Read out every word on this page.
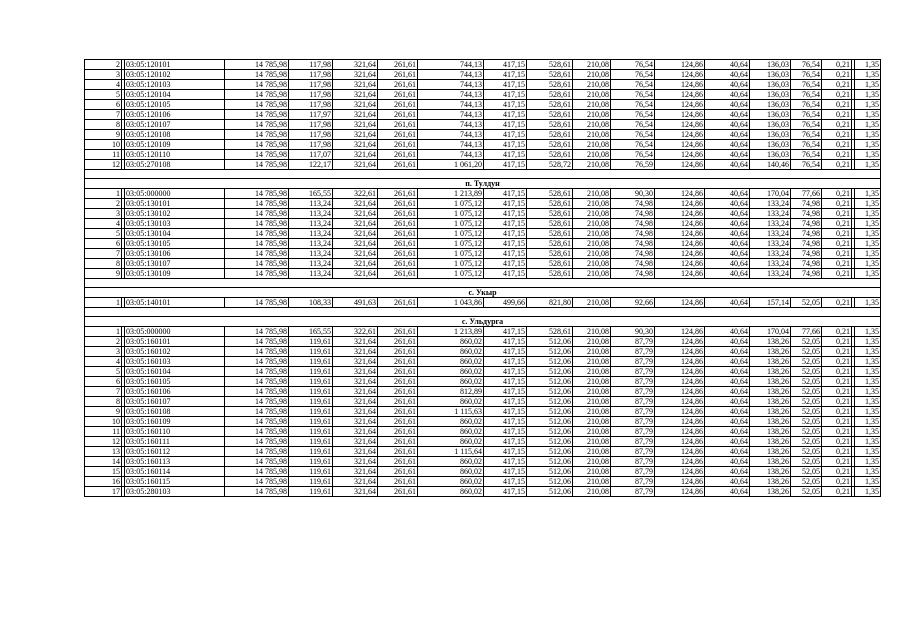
2		03:05:120101	14 785,98	117,98	321,64	261,61	744,13	417,15	528,61	210,08	76,54	124,86	40,64	136,03	76,54	0,21		1,35
3		03:05:120102	14 785,98	117,98	321,64	261,61	744,13	417,15	528,61	210,08	76,54	124,86	40,64	136,03	76,54	0,21		1,35
4		03:05:120103	14 785,98	117,98	321,64	261,61	744,13	417,15	528,61	210,08	76,54	124,86	40,64	136,03	76,54	0,21		1,35
5		03:05:120104	14 785,98	117,98	321,64	261,61	744,13	417,15	528,61	210,08	76,54	124,86	40,64	136,03	76,54	0,21		1,35
6		03:05:120105	14 785,98	117,98	321,64	261,61	744,13	417,15	528,61	210,08	76,54	124,86	40,64	136,03	76,54	0,21		1,35
7		03:05:120106	14 785,98	117,97	321,64	261,61	744,13	417,15	528,61	210,08	76,54	124,86	40,64	136,03	76,54	0,21		1,35
8		03:05:120107	14 785,98	117,98	321,64	261,61	744,13	417,15	528,61	210,08	76,54	124,86	40,64	136,03	76,54	0,21		1,35
9		03:05:120108	14 785,98	117,98	321,64	261,61	744,13	417,15	528,61	210,08	76,54	124,86	40,64	136,03	76,54	0,21		1,35
10		03:05:120109	14 785,98	117,98	321,64	261,61	744,13	417,15	528,61	210,08	76,54	124,86	40,64	136,03	76,54	0,21		1,35
11		03:05:120110	14 785,98	117,07	321,64	261,61	744,13	417,15	528,61	210,08	76,54	124,86	40,64	136,03	76,54	0,21		1,35
12		03:05:270108	14 785,98	122,17	321,64	261,61	1 061,20	417,15	528,72	210,08	76,59	124,86	40,64	140,46	76,54	0,21		1,35

п. Тулдун																		
1		03:05:000000	14 785,98	165,55	322,61	261,61	1 213,89	417,15	528,61	210,08	90,30	124,86	40,64	170,04	77,66	0,21		1,35
2		03:05:130101	14 785,98	113,24	321,64	261,61	1 075,12	417,15	528,61	210,08	74,98	124,86	40,64	133,24	74,98	0,21		1,35
3		03:05:130102	14 785,98	113,24	321,64	261,61	1 075,12	417,15	528,61	210,08	74,98	124,86	40,64	133,24	74,98	0,21		1,35
4		03:05:130103	14 785,98	113,24	321,64	261,61	1 075,12	417,15	528,61	210,08	74,98	124,86	40,64	133,24	74,98	0,21		1,35
5		03:05:130104	14 785,98	113,24	321,64	261,61	1 075,12	417,15	528,61	210,08	74,98	124,86	40,64	133,24	74,98	0,21		1,35
6		03:05:130105	14 785,98	113,24	321,64	261,61	1 075,12	417,15	528,61	210,08	74,98	124,86	40,64	133,24	74,98	0,21		1,35
7		03:05:130106	14 785,98	113,24	321,64	261,61	1 075,12	417,15	528,61	210,08	74,98	124,86	40,64	133,24	74,98	0,21		1,35
8		03:05:130107	14 785,98	113,24	321,64	261,61	1 075,12	417,15	528,61	210,08	74,98	124,86	40,64	133,24	74,98	0,21		1,35
9		03:05:130109	14 785,98	113,24	321,64	261,61	1 075,12	417,15	528,61	210,08	74,98	124,86	40,64	133,24	74,98	0,21		1,35

с. Укыр																		
1		03:05:140101	14 785,98	108,33	491,63	261,61	1 043,86	499,66	821,80	210,08	92,66	124,86	40,64	157,14	52,05	0,21		1,35

с. Ульдурга																		
1		03:05:000000	14 785,98	165,55	322,61	261,61	1 213,89	417,15	528,61	210,08	90,30	124,86	40,64	170,04	77,66	0,21		1,35
2		03:05:160101	14 785,98	119,61	321,64	261,61	860,02	417,15	512,06	210,08	87,79	124,86	40,64	138,26	52,05	0,21		1,35
3		03:05:160102	14 785,98	119,61	321,64	261,61	860,02	417,15	512,06	210,08	87,79	124,86	40,64	138,26	52,05	0,21		1,35
4		03:05:160103	14 785,98	119,61	321,64	261,61	860,02	417,15	512,06	210,08	87,79	124,86	40,64	138,26	52,05	0,21		1,35
5		03:05:160104	14 785,98	119,61	321,64	261,61	860,02	417,15	512,06	210,08	87,79	124,86	40,64	138,26	52,05	0,21		1,35
6		03:05:160105	14 785,98	119,61	321,64	261,61	860,02	417,15	512,06	210,08	87,79	124,86	40,64	138,26	52,05	0,21		1,35
7		03:05:160106	14 785,98	119,61	321,64	261,61	812,89	417,15	512,06	210,08	87,79	124,86	40,64	138,26	52,05	0,21		1,35
8		03:05:160107	14 785,98	119,61	321,64	261,61	860,02	417,15	512,06	210,08	87,79	124,86	40,64	138,26	52,05	0,21		1,35
9		03:05:160108	14 785,98	119,61	321,64	261,61	1 115,63	417,15	512,06	210,08	87,79	124,86	40,64	138,26	52,05	0,21		1,35
10		03:05:160109	14 785,98	119,61	321,64	261,61	860,02	417,15	512,06	210,08	87,79	124,86	40,64	138,26	52,05	0,21		1,35
11		03:05:160110	14 785,98	119,61	321,64	261,61	860,02	417,15	512,06	210,08	87,79	124,86	40,64	138,26	52,05	0,21		1,35
12		03:05:160111	14 785,98	119,61	321,64	261,61	860,02	417,15	512,06	210,08	87,79	124,86	40,64	138,26	52,05	0,21		1,35
13		03:05:160112	14 785,98	119,61	321,64	261,61	1 115,64	417,15	512,06	210,08	87,79	124,86	40,64	138,26	52,05	0,21		1,35
14		03:05:160113	14 785,98	119,61	321,64	261,61	860,02	417,15	512,06	210,08	87,79	124,86	40,64	138,26	52,05	0,21		1,35
15		03:05:160114	14 785,98	119,61	321,64	261,61	860,02	417,15	512,06	210,08	87,79	124,86	40,64	138,26	52,05	0,21		1,35
16		03:05:160115	14 785,98	119,61	321,64	261,61	860,02	417,15	512,06	210,08	87,79	124,86	40,64	138,26	52,05	0,21		1,35
17		03:05:280103	14 785,98	119,61	321,64	261,61	860,02	417,15	512,06	210,08	87,79	124,86	40,64	138,26	52,05	0,21		1,35
